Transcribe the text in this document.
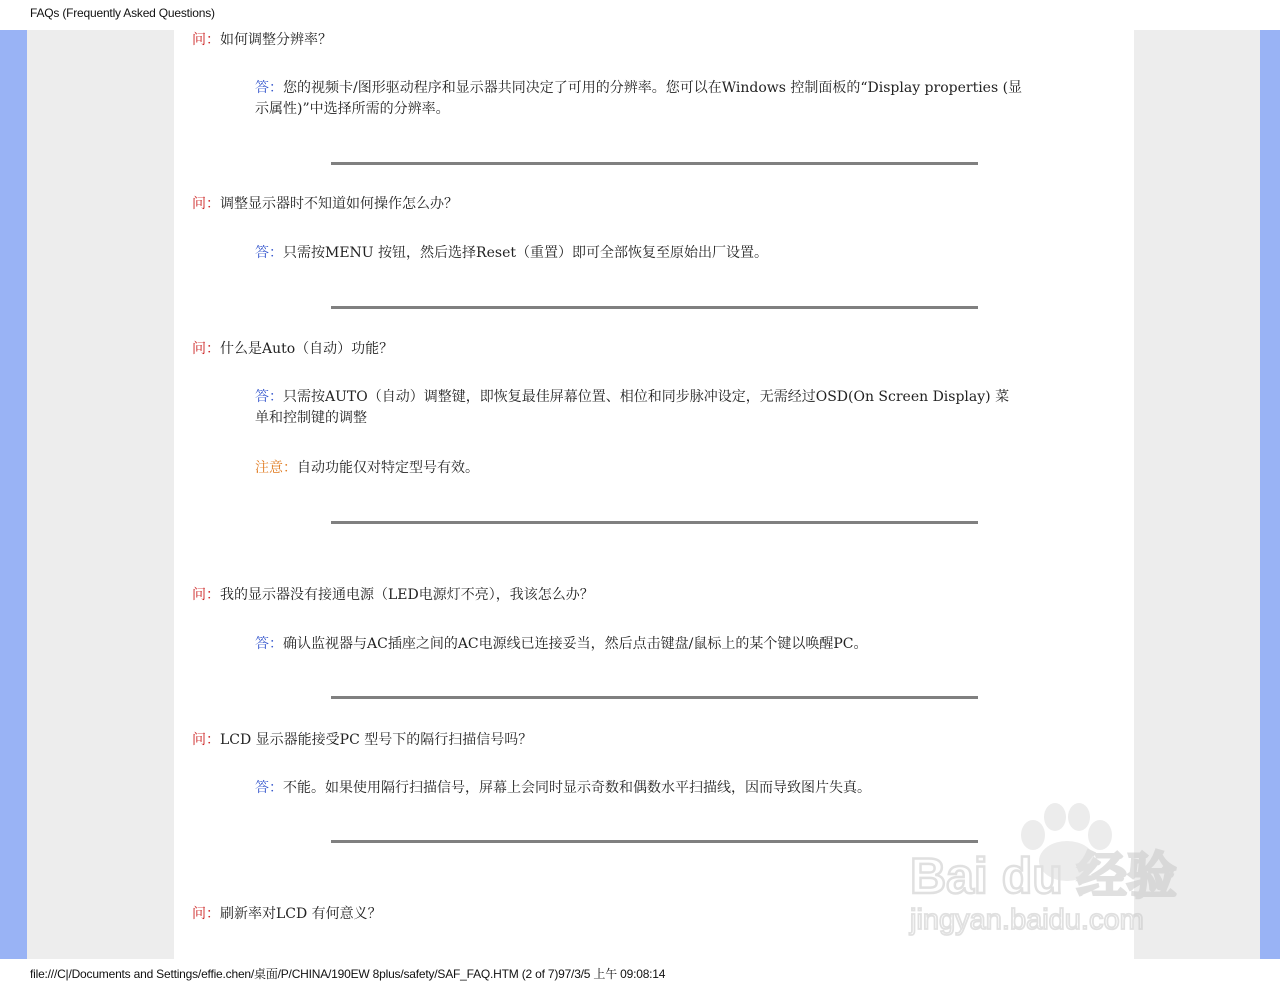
FAQs (Frequently Asked Questions)
问：如何调整分辨率？
答：您的视频卡/图形驱动程序和显示器共同决定了可用的分辨率。您可以在Windows 控制面板的“Display properties (显示属性)”中选择所需的分辨率。
问：调整显示器时不知道如何操作怎么办？
答：只需按MENU 按钮，然后选择Reset（重置）即可全部恢复至原始出厂设置。
问：什么是Auto（自动）功能？
答：只需按AUTO（自动）调整键，即恢复最佳屏幕位置、相位和同步脉冲设定，无需经过OSD(On Screen Display) 菜单和控制键的调整
注意：自动功能仅对特定型号有效。
问：我的显示器没有接通电源（LED电源灯不亮），我该怎么办？
答：确认监视器与AC插座之间的AC电源线已连接妥当，然后点击键盘/鼠标上的某个键以唤醒PC。
问：LCD 显示器能接受PC 型号下的隔行扫描信号吗？
答：不能。如果使用隔行扫描信号，屏幕上会同时显示奇数和偶数水平扫描线，因而导致图片失真。
问：刷新率对LCD 有何意义？
Bai du 经验
jingyan.baidu.com
file:///C|/Documents and Settings/effie.chen/桌面/P/CHINA/190EW 8plus/safety/SAF_FAQ.HTM (2 of 7)97/3/5 上午 09:08:14
